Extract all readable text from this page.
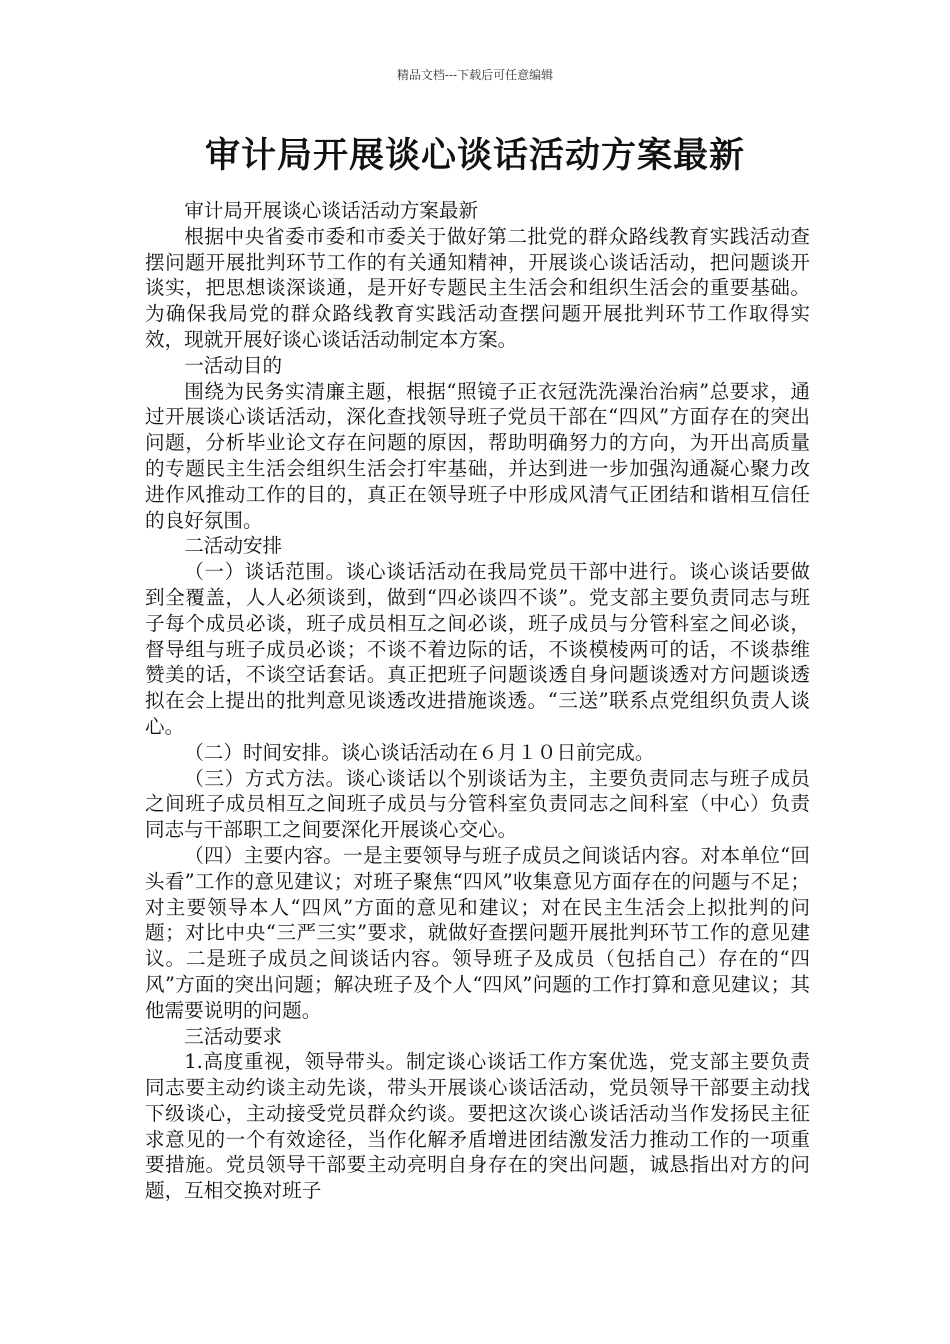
精品文档---下载后可任意编辑
审计局开展谈心谈话活动方案最新

审计局开展谈心谈话活动方案最新

根据中央省委市委和市委关于做好第二批党的群众路线教育实践活动查摆问题开展批判环节工作的有关通知精神，开展谈心谈话活动，把问题谈开谈实，把思想谈深谈通，是开好专题民主生活会和组织生活会的重要基础。为确保我局党的群众路线教育实践活动查摆问题开展批判环节工作取得实效，现就开展好谈心谈话活动制定本方案。

一活动目的

围绕为民务实清廉主题，根据“照镜子正衣冠洗洗澡治治病”总要求，通过开展谈心谈话活动，深化查找领导班子党员干部在“四风”方面存在的突出问题，分析毕业论文存在问题的原因，帮助明确努力的方向，为开出高质量的专题民主生活会组织生活会打牢基础，并达到进一步加强沟通凝心聚力改进作风推动工作的目的，真正在领导班子中形成风清气正团结和谐相互信任的良好氛围。

二活动安排

（一）谈话范围。谈心谈话活动在我局党员干部中进行。谈心谈话要做到全覆盖，人人必须谈到，做到“四必谈四不谈”。党支部主要负责同志与班子每个成员必谈，班子成员相互之间必谈，班子成员与分管科室之间必谈，督导组与班子成员必谈；不谈不着边际的话，不谈模棱两可的话，不谈恭维赞美的话，不谈空话套话。真正把班子问题谈透自身问题谈透对方问题谈透拟在会上提出的批判意见谈透改进措施谈透。“三送”联系点党组织负责人谈心。

（二）时间安排。谈心谈话活动在６月１０日前完成。

（三）方式方法。谈心谈话以个别谈话为主，主要负责同志与班子成员之间班子成员相互之间班子成员与分管科室负责同志之间科室（中心）负责同志与干部职工之间要深化开展谈心交心。

（四）主要内容。一是主要领导与班子成员之间谈话内容。对本单位“回头看”工作的意见建议；对班子聚焦“四风”收集意见方面存在的问题与不足；对主要领导本人“四风”方面的意见和建议；对在民主生活会上拟批判的问题；对比中央“三严三实”要求，就做好查摆问题开展批判环节工作的意见建议。二是班子成员之间谈话内容。领导班子及成员（包括自己）存在的“四风”方面的突出问题；解决班子及个人“四风”问题的工作打算和意见建议；其他需要说明的问题。

三活动要求

1.高度重视，领导带头。制定谈心谈话工作方案优选，党支部主要负责同志要主动约谈主动先谈，带头开展谈心谈话活动，党员领导干部要主动找下级谈心，主动接受党员群众约谈。要把这次谈心谈话活动当作发扬民主征求意见的一个有效途径，当作化解矛盾增进团结激发活力推动工作的一项重要措施。党员领导干部要主动亮明自身存在的突出问题，诚恳指出对方的问题，互相交换对班子
